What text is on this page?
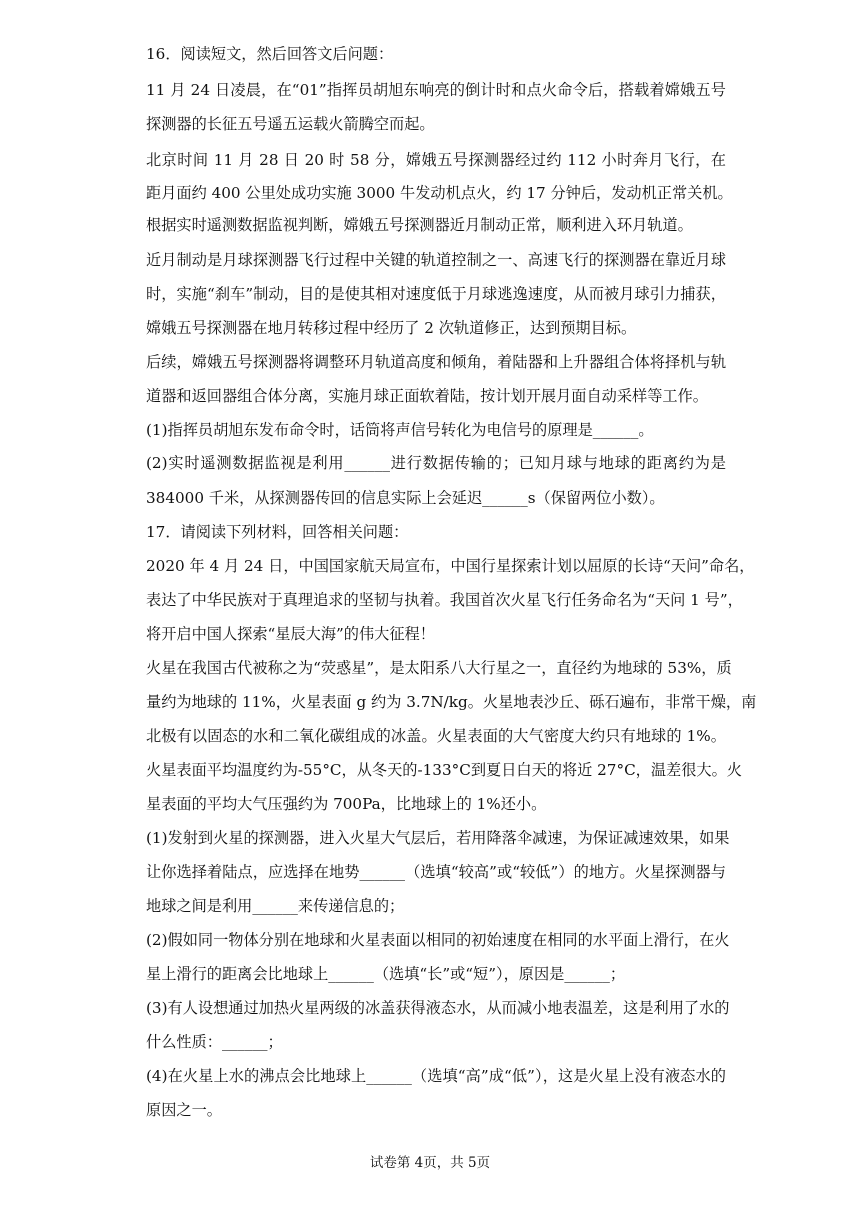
16．阅读短文，然后回答文后问题：
11 月 24 日凌晨，在“01”指挥员胡旭东响亮的倒计时和点火命令后，搭载着嫦娥五号
探测器的长征五号遥五运载火箭腾空而起。
北京时间 11 月 28 日 20 时 58 分，嫦娥五号探测器经过约 112 小时奔月飞行，在
距月面约 400 公里处成功实施 3000 牛发动机点火，约 17 分钟后，发动机正常关机。
根据实时遥测数据监视判断，嫦娥五号探测器近月制动正常，顺利进入环月轨道。
近月制动是月球探测器飞行过程中关键的轨道控制之一、高速飞行的探测器在靠近月球
时，实施“刹车”制动，目的是使其相对速度低于月球逃逸速度，从而被月球引力捕获，
嫦娥五号探测器在地月转移过程中经历了 2 次轨道修正，达到预期目标。
后续，嫦娥五号探测器将调整环月轨道高度和倾角，着陆器和上升器组合体将择机与轨
道器和返回器组合体分离，实施月球正面软着陆，按计划开展月面自动采样等工作。
(1)指挥员胡旭东发布命令时，话筒将声信号转化为电信号的原理是______。
(2)实时遥测数据监视是利用______进行数据传输的；已知月球与地球的距离约为是
384000 千米，从探测器传回的信息实际上会延迟______s（保留两位小数）。
17．请阅读下列材料，回答相关问题：
2020 年 4 月 24 日，中国国家航天局宣布，中国行星探索计划以屈原的长诗“天问”命名，
表达了中华民族对于真理追求的坚韧与执着。我国首次火星飞行任务命名为“天问 1 号”，
将开启中国人探索“星辰大海”的伟大征程！
火星在我国古代被称之为“荧惑星”，是太阳系八大行星之一，直径约为地球的 53%，质
量约为地球的 11%，火星表面 g 约为 3.7N/kg。火星地表沙丘、砾石遍布，非常干燥，南
北极有以固态的水和二氧化碳组成的冰盖。火星表面的大气密度大约只有地球的 1%。
火星表面平均温度约为-55°C，从冬天的-133°C到夏日白天的将近 27°C，温差很大。火
星表面的平均大气压强约为 700Pa，比地球上的 1%还小。
(1)发射到火星的探测器，进入火星大气层后，若用降落伞减速，为保证减速效果，如果
让你选择着陆点，应选择在地势______（选填“较高”或“较低”）的地方。火星探测器与
地球之间是利用______来传递信息的；
(2)假如同一物体分别在地球和火星表面以相同的初始速度在相同的水平面上滑行，在火
星上滑行的距离会比地球上______（选填“长”或“短”），原因是______；
(3)有人设想通过加热火星两级的冰盖获得液态水，从而减小地表温差，这是利用了水的
什么性质：______；
(4)在火星上水的沸点会比地球上______（选填“高”成“低”），这是火星上没有液态水的
原因之一。
试卷第 4页，共 5页
